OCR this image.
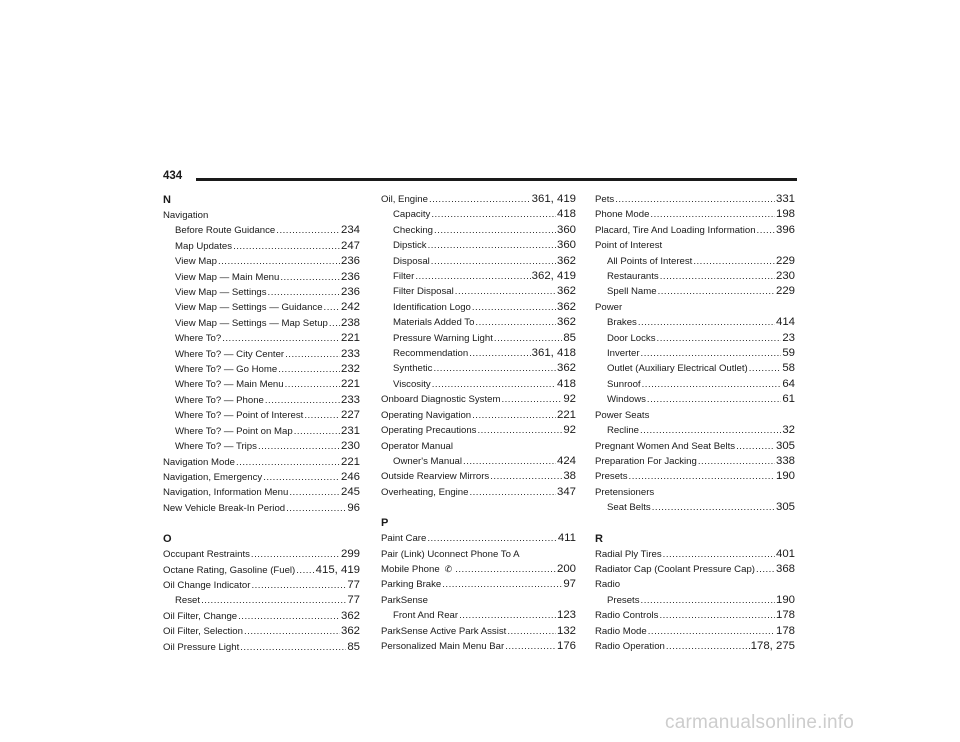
434
N
Navigation
Before Route Guidance .....	234
Map Updates .....	247
View Map .....	236
View Map — Main Menu .....	236
View Map — Settings .....	236
View Map — Settings — Guidance ..... 242
View Map — Settings — Map Setup ..... 238
Where To? .....	221
Where To? — City Center .....	233
Where To? — Go Home .....	232
Where To? — Main Menu .....	221
Where To? — Phone .....	233
Where To? — Point of Interest .....	227
Where To? — Point on Map .....	231
Where To? — Trips .....	230
Navigation Mode .....	221
Navigation, Emergency .....	246
Navigation, Information Menu .....	245
New Vehicle Break-In Period .....	96
O
Occupant Restraints .....	299
Octane Rating, Gasoline (Fuel) ..... 415, 419
Oil Change Indicator .....	77
Reset .....	77
Oil Filter, Change .....	362
Oil Filter, Selection .....	362
Oil Pressure Light .....	85
Oil, Engine .....	361, 419
Capacity .....	418
Checking .....	360
Dipstick .....	360
Disposal .....	362
Filter .....	362, 419
Filter Disposal .....	362
Identification Logo .....	362
Materials Added To .....	362
Pressure Warning Light .....	85
Recommendation .....	361, 418
Synthetic .....	362
Viscosity .....	418
Onboard Diagnostic System .....	92
Operating Navigation .....	221
Operating Precautions .....	92
Operator Manual
Owner's Manual .....	424
Outside Rearview Mirrors .....	38
Overheating, Engine .....	347
P
Paint Care .....	411
Pair (Link) Uconnect Phone To A
Mobile Phone ✆ .....	200
Parking Brake .....	97
ParkSense
Front And Rear .....	123
ParkSense Active Park Assist .....	132
Personalized Main Menu Bar .....	176
Pets .....	331
Phone Mode .....	198
Placard, Tire And Loading Information ..... 396
Point of Interest
All Points of Interest .....	229
Restaurants .....	230
Spell Name .....	229
Power
Brakes .....	414
Door Locks .....	23
Inverter .....	59
Outlet (Auxiliary Electrical Outlet) .....	58
Sunroof .....	64
Windows .....	61
Power Seats
Recline .....	32
Pregnant Women And Seat Belts .....	305
Preparation For Jacking .....	338
Presets .....	190
Pretensioners
Seat Belts .....	305
R
Radial Ply Tires .....	401
Radiator Cap (Coolant Pressure Cap) ..... 368
Radio
Presets .....	190
Radio Controls .....	178
Radio Mode .....	178
Radio Operation .....	178, 275
carmanualsonline.info
